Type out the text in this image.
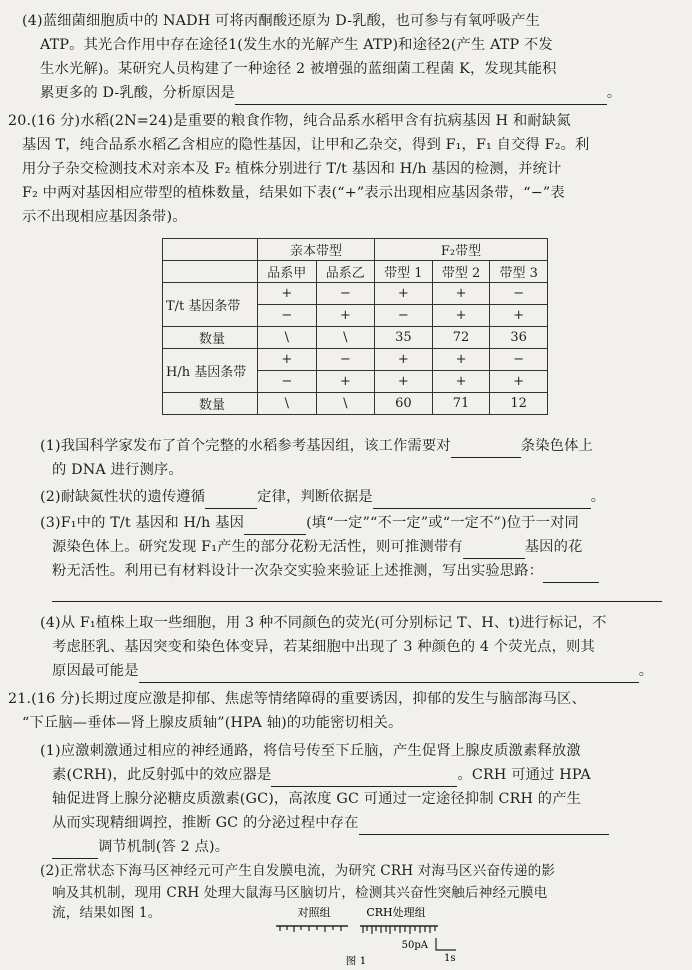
(4)蓝细菌细胞质中的 NADH 可将丙酮酸还原为 D-乳酸，也可参与有氧呼吸产生
ATP。其光合作用中存在途径1(发生水的光解产生 ATP)和途径2(产生 ATP 不发
生水光解)。某研究人员构建了一种途径 2 被增强的蓝细菌工程菌 K，发现其能积
累更多的 D-乳酸，分析原因是	。
20.(16 分)水稻(2N=24)是重要的粮食作物，纯合品系水稻甲含有抗病基因 H 和耐缺氮
基因 T，纯合品系水稻乙含相应的隐性基因，让甲和乙杂交，得到 F₁，F₁ 自交得 F₂。利
用分子杂交检测技术对亲本及 F₂ 植株分别进行 T/t 基因和 H/h 基因的检测，并统计
F₂ 中两对基因相应带型的植株数量，结果如下表(“+”表示出现相应基因条带，“−”表
示不出现相应基因条带)。
	亲本带型		F₂带型		
	品系甲	品系乙	带型 1	带型 2	带型 3
T/t 基因条带	+	−	+	+	−
	−	+	−	+	+
数量	\	\	35	72	36
H/h 基因条带	+	−	+	+	−
	−	+	+	+	+
数量	\	\	60	71	12
(1)我国科学家发布了首个完整的水稻参考基因组，该工作需要对	条染色体上
的 DNA 进行测序。
(2)耐缺氮性状的遗传遵循	定律，判断依据是	。
(3)F₁中的 T/t 基因和 H/h 基因	(填“一定”“不一定”或“一定不”)位于一对同
源染色体上。研究发现 F₁产生的部分花粉无活性，则可推测带有	基因的花
粉无活性。利用已有材料设计一次杂交实验来验证上述推测，写出实验思路：
(4)从 F₁植株上取一些细胞，用 3 种不同颜色的荧光(可分别标记 T、H、t)进行标记，不
考虑胚乳、基因突变和染色体变异，若某细胞中出现了 3 种颜色的 4 个荧光点，则其
原因最可能是	。
21.(16 分)长期过度应激是抑郁、焦虑等情绪障碍的重要诱因，抑郁的发生与脑部海马区、
“下丘脑—垂体—肾上腺皮质轴”(HPA 轴)的功能密切相关。
(1)应激刺激通过相应的神经通路，将信号传至下丘脑，产生促肾上腺皮质激素释放激
素(CRH)，此反射弧中的效应器是	。CRH 可通过 HPA
轴促进肾上腺分泌糖皮质激素(GC)，高浓度 GC 可通过一定途径抑制 CRH 的产生
从而实现精细调控，推断 GC 的分泌过程中存在
调节机制(答 2 点)。
(2)正常状态下海马区神经元可产生自发膜电流，为研究 CRH 对海马区兴奋传递的影
响及其机制，现用 CRH 处理大鼠海马区脑切片，检测其兴奋性突触后神经元膜电
流，结果如图 1。	对照组	CRH处理组
50pA
1s
图 1
